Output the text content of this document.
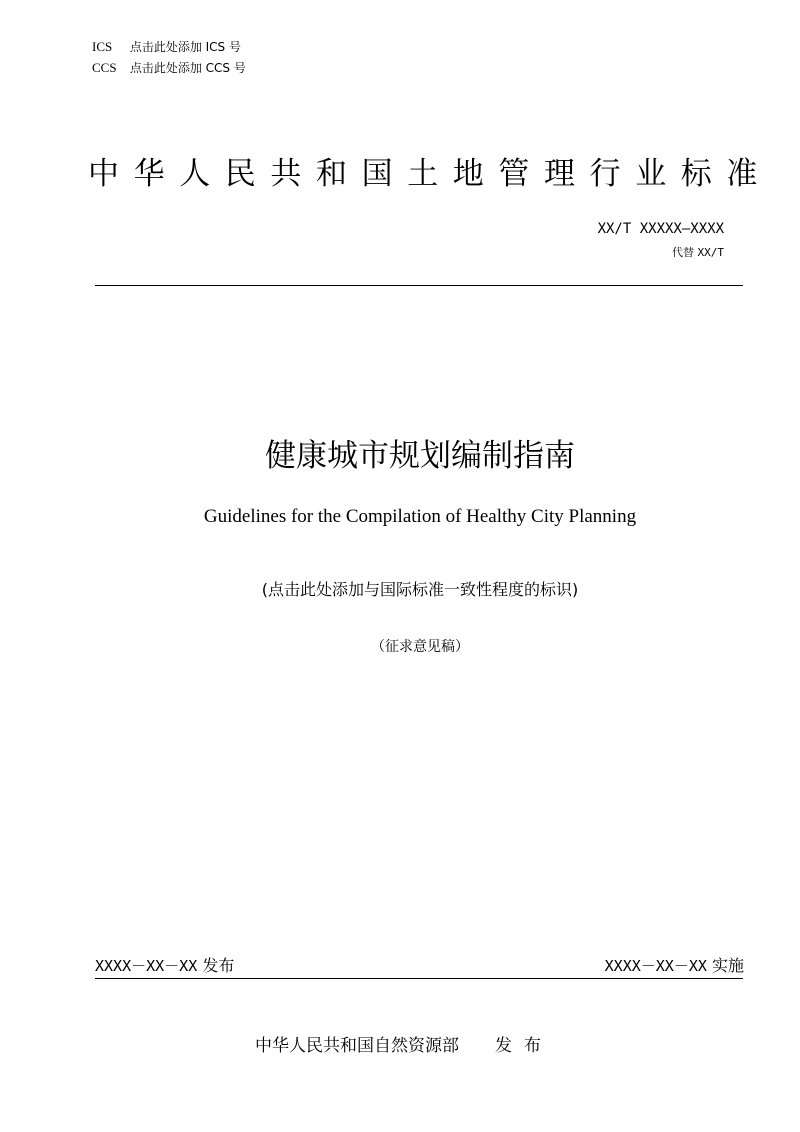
ICS 点击此处添加 ICS 号
CCS 点击此处添加 CCS 号
中华人民共和国土地管理行业标准
XX/T XXXXX—XXXX
代替 XX/T
健康城市规划编制指南
Guidelines for the Compilation of Healthy City Planning
(点击此处添加与国际标准一致性程度的标识)
（征求意见稿）
XXXX－XX－XX 发布	XXXX－XX－XX 实施
中华人民共和国自然资源部 发布
